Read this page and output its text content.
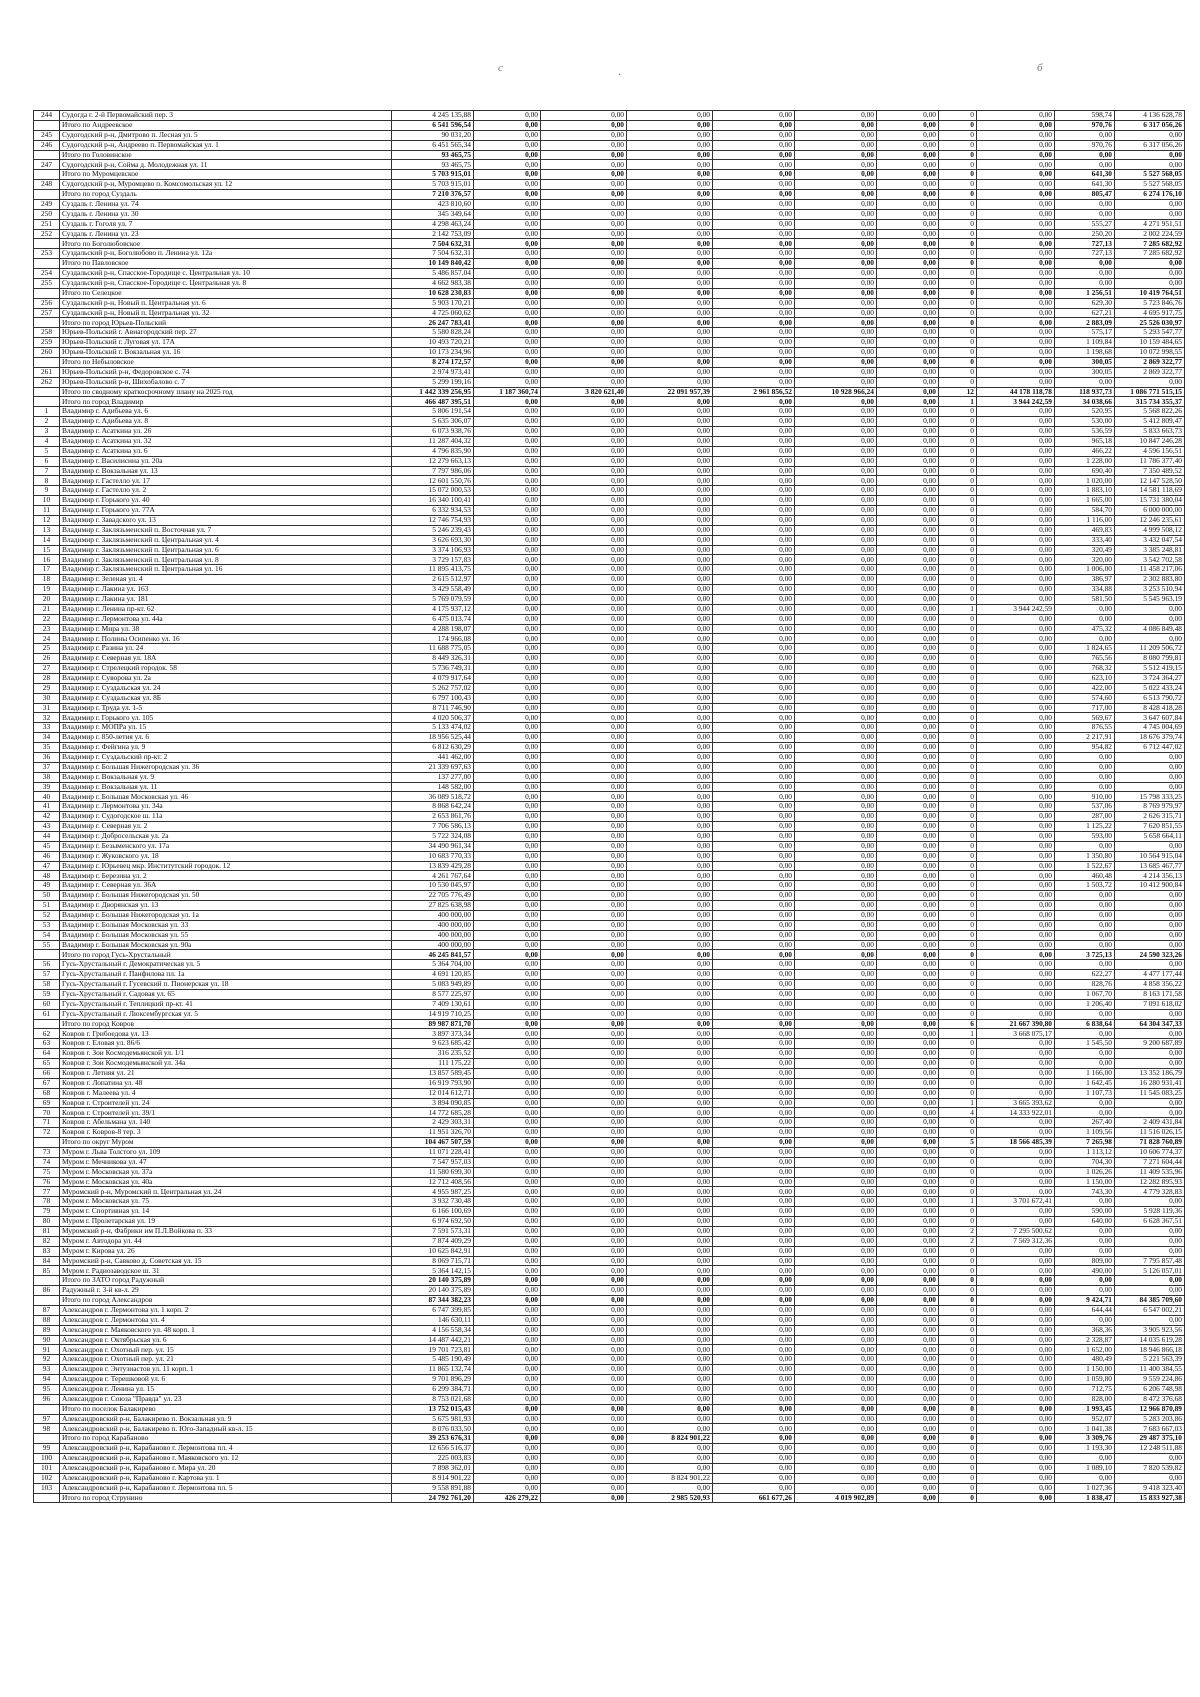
с
·
б
244	Судогда г. 2-й Первомайский пер. 3	4 245 135,88	0,00	0,00	0,00	0,00	0,00	0,00	0	0,00	598,74	4 136 628,78
	Итого по Андреевское	6 541 596,54	0,00	0,00	0,00	0,00	0,00	0,00	0	0,00	970,76	6 317 056,26
245	Судогодский р-н, Дмитрово п. Лесная ул. 5	90 031,20	0,00	0,00	0,00	0,00	0,00	0,00	0	0,00	0,00	0,00
246	Судогодский р-н, Андреево п. Первомайская ул. 1	6 451 565,34	0,00	0,00	0,00	0,00	0,00	0,00	0	0,00	970,76	6 317 056,26
	Итого по Головинское	93 465,75	0,00	0,00	0,00	0,00	0,00	0,00	0	0,00	0,00	0,00
247	Судогодский р-н, Сойма д. Молодежная ул. 11	93 465,75	0,00	0,00	0,00	0,00	0,00	0,00	0	0,00	0,00	0,00
	Итого по Муромцевское	5 703 915,01	0,00	0,00	0,00	0,00	0,00	0,00	0	0,00	641,30	5 527 568,05
248	Судогодский р-н, Муромцево п. Комсомольская ул. 12	5 703 915,01	0,00	0,00	0,00	0,00	0,00	0,00	0	0,00	641,30	5 527 568,05
	Итого по город Суздаль	7 210 376,57	0,00	0,00	0,00	0,00	0,00	0,00	0	0,00	805,47	6 274 176,10
249	Суздаль г. Ленина ул. 74	423 810,60	0,00	0,00	0,00	0,00	0,00	0,00	0	0,00	0,00	0,00
250	Суздаль г. Ленина ул. 30	345 349,64	0,00	0,00	0,00	0,00	0,00	0,00	0	0,00	0,00	0,00
251	Суздаль г. Гоголя ул. 7	4 298 463,24	0,00	0,00	0,00	0,00	0,00	0,00	0	0,00	555,27	4 271 951,51
252	Суздаль г. Ленина ул. 23	2 142 753,09	0,00	0,00	0,00	0,00	0,00	0,00	0	0,00	250,20	2 002 224,59
	Итого по Боголюбовское	7 504 632,31	0,00	0,00	0,00	0,00	0,00	0,00	0	0,00	727,13	7 285 682,92
253	Суздальский р-н, Боголюбово п. Ленина ул. 12а	7 504 632,31	0,00	0,00	0,00	0,00	0,00	0,00	0	0,00	727,13	7 285 682,92
	Итого по Павловское	10 149 840,42	0,00	0,00	0,00	0,00	0,00	0,00	0	0,00	0,00	0,00
254	Суздальский р-н, Спасское-Городище с. Центральная ул. 10	5 486 857,04	0,00	0,00	0,00	0,00	0,00	0,00	0	0,00	0,00	0,00
255	Суздальский р-н, Спасское-Городище с. Центральная ул. 8	4 662 983,38	0,00	0,00	0,00	0,00	0,00	0,00	0	0,00	0,00	0,00
	Итого по Селецкое	10 628 230,83	0,00	0,00	0,00	0,00	0,00	0,00	0	0,00	1 256,51	10 419 764,51
256	Суздальский р-н, Новый п. Центральная ул. 6	5 903 170,21	0,00	0,00	0,00	0,00	0,00	0,00	0	0,00	629,30	5 723 846,76
257	Суздальский р-н, Новый п. Центральная ул. 32	4 725 060,62	0,00	0,00	0,00	0,00	0,00	0,00	0	0,00	627,21	4 695 917,75
	Итого по город Юрьев-Польский	26 247 783,41	0,00	0,00	0,00	0,00	0,00	0,00	0	0,00	2 883,09	25 526 030,97
258	Юрьев-Польский г. Авиагородский пер. 27	5 580 828,24	0,00	0,00	0,00	0,00	0,00	0,00	0	0,00	575,17	5 293 547,77
259	Юрьев-Польский г. Луговая ул. 17А	10 493 720,21	0,00	0,00	0,00	0,00	0,00	0,00	0	0,00	1 109,84	10 159 484,65
260	Юрьев-Польский г. Вокзальная ул. 16	10 173 234,96	0,00	0,00	0,00	0,00	0,00	0,00	0	0,00	1 198,68	10 072 998,55
	Итого по Небыловское	8 274 172,57	0,00	0,00	0,00	0,00	0,00	0,00	0	0,00	300,05	2 869 322,77
261	Юрьев-Польский р-н, Федоровское с. 74	2 974 973,41	0,00	0,00	0,00	0,00	0,00	0,00	0	0,00	300,05	2 869 322,77
262	Юрьев-Польский р-н, Шихобалово с. 7	5 299 199,16	0,00	0,00	0,00	0,00	0,00	0,00	0	0,00	0,00	0,00
	Итого по сводному краткосрочному плану на 2025 год	1 442 339 256,95	1 187 360,74	3 820 621,40	22 091 957,39	2 961 856,52	10 928 966,24	0,00	12	44 178 118,78	118 937,73	1 086 771 515,15
	Итого по город Владимир	466 487 395,51	0,00	0,00	0,00	0,00	0,00	0,00	1	3 944 242,59	34 038,66	315 734 355,37
1	Владимир г. Адибьева ул. 6	5 806 191,54	0,00	0,00	0,00	0,00	0,00	0,00	0	0,00	520,95	5 568 822,26
2	Владимир г. Адибьева ул. 8	5 635 306,07	0,00	0,00	0,00	0,00	0,00	0,00	0	0,00	530,00	5 412 809,47
3	Владимир г. Асаткина ул. 26	6 073 938,76	0,00	0,00	0,00	0,00	0,00	0,00	0	0,00	536,59	5 833 663,73
4	Владимир г. Асаткина ул. 32	11 287 404,32	0,00	0,00	0,00	0,00	0,00	0,00	0	0,00	965,18	10 847 246,28
5	Владимир г. Асаткина ул. 6	4 796 835,90	0,00	0,00	0,00	0,00	0,00	0,00	0	0,00	466,22	4 596 156,51
6	Владимир г. Василисина ул. 20а	12 279 663,13	0,00	0,00	0,00	0,00	0,00	0,00	0	0,00	1 228,00	11 786 377,40
7	Владимир г. Вокзальная ул. 13	7 797 986,06	0,00	0,00	0,00	0,00	0,00	0,00	0	0,00	690,40	7 350 489,52
8	Владимир г. Гастелло ул. 17	12 601 550,76	0,00	0,00	0,00	0,00	0,00	0,00	0	0,00	1 020,00	12 147 528,50
9	Владимир г. Гастелло ул. 2	15 072 000,53	0,00	0,00	0,00	0,00	0,00	0,00	0	0,00	1 883,10	14 581 118,69
10	Владимир г. Горького ул. 40	16 340 100,41	0,00	0,00	0,00	0,00	0,00	0,00	0	0,00	1 665,00	15 731 380,04
11	Владимир г. Горького ул. 77А	6 332 934,53	0,00	0,00	0,00	0,00	0,00	0,00	0	0,00	584,70	6 000 000,00
12	Владимир г. Завадского ул. 13	12 746 754,93	0,00	0,00	0,00	0,00	0,00	0,00	0	0,00	1 116,00	12 246 235,61
13	Владимир г. Заклязьменский п. Восточная ул. 7	5 246 239,43	0,00	0,00	0,00	0,00	0,00	0,00	0	0,00	469,83	4 999 508,12
14	Владимир г. Заклязьменский п. Центральная ул. 4	3 626 693,30	0,00	0,00	0,00	0,00	0,00	0,00	0	0,00	333,40	3 432 047,54
15	Владимир г. Заклязьменский п. Центральная ул. 6	3 374 106,93	0,00	0,00	0,00	0,00	0,00	0,00	0	0,00	320,49	3 385 248,81
16	Владимир г. Заклязьменский п. Центральная ул. 8	3 729 157,83	0,00	0,00	0,00	0,00	0,00	0,00	0	0,00	320,00	3 542 702,58
17	Владимир г. Заклязьменский п. Центральная ул. 16	11 895 413,75	0,00	0,00	0,00	0,00	0,00	0,00	0	0,00	1 006,00	11 458 217,06
18	Владимир г. Зеленая ул. 4	2 615 512,97	0,00	0,00	0,00	0,00	0,00	0,00	0	0,00	386,97	2 302 883,80
19	Владимир г. Лакина ул. 163	3 429 558,49	0,00	0,00	0,00	0,00	0,00	0,00	0	0,00	334,88	3 253 510,94
20	Владимир г. Лакина ул. 181	5 769 079,59	0,00	0,00	0,00	0,00	0,00	0,00	0	0,00	581,50	5 545 963,19
21	Владимир г. Ленина пр-кт. 62	4 175 937,12	0,00	0,00	0,00	0,00	0,00	0,00	1	3 944 242,59	0,00	0,00
22	Владимир г. Лермонтова ул. 44а	6 475 013,74	0,00	0,00	0,00	0,00	0,00	0,00	0	0,00	0,00	0,00
23	Владимир г. Мира ул. 38	4 288 198,07	0,00	0,00	0,00	0,00	0,00	0,00	0	0,00	475,32	4 086 849,48
24	Владимир г. Полины Осипенко ул. 16	174 966,08	0,00	0,00	0,00	0,00	0,00	0,00	0	0,00	0,00	0,00
25	Владимир г. Разина ул. 24	11 688 775,05	0,00	0,00	0,00	0,00	0,00	0,00	0	0,00	1 824,65	11 209 506,72
26	Владимир г. Северная ул. 18А	8 449 326,31	0,00	0,00	0,00	0,00	0,00	0,00	0	0,00	765,56	8 080 799,81
27	Владимир г. Стрелецкий городок. 58	5 736 749,31	0,00	0,00	0,00	0,00	0,00	0,00	0	0,00	768,32	5 512 419,15
28	Владимир г. Суворова ул. 2а	4 079 917,64	0,00	0,00	0,00	0,00	0,00	0,00	0	0,00	623,10	3 724 364,27
29	Владимир г. Суздальская ул. 24	5 262 757,02	0,00	0,00	0,00	0,00	0,00	0,00	0	0,00	422,00	5 022 433,24
30	Владимир г. Суздальская ул. 8Б	6 797 100,43	0,00	0,00	0,00	0,00	0,00	0,00	0	0,00	574,60	6 513 790,72
31	Владимир г. Труда ул. 1-5	8 711 746,90	0,00	0,00	0,00	0,00	0,00	0,00	0	0,00	717,00	8 428 418,28
32	Владимир г. Горького ул. 105	4 020 506,37	0,00	0,00	0,00	0,00	0,00	0,00	0	0,00	569,67	3 647 607,84
33	Владимир г. МОПРа ул. 15	5 133 474,02	0,00	0,00	0,00	0,00	0,00	0,00	0	0,00	876,55	4 745 004,69
34	Владимир г. 850-летия ул. 6	18 956 525,44	0,00	0,00	0,00	0,00	0,00	0,00	0	0,00	2 217,91	18 676 379,74
35	Владимир г. Фейгина ул. 9	6 812 630,29	0,00	0,00	0,00	0,00	0,00	0,00	0	0,00	954,82	6 712 447,02
36	Владимир г. Суздальский пр-кт. 2	441 462,00	0,00	0,00	0,00	0,00	0,00	0,00	0	0,00	0,00	0,00
37	Владимир г. Большая Нижегородская ул. 36	21 339 697,63	0,00	0,00	0,00	0,00	0,00	0,00	0	0,00	0,00	0,00
38	Владимир г. Вокзальная ул. 9	137 277,00	0,00	0,00	0,00	0,00	0,00	0,00	0	0,00	0,00	0,00
39	Владимир г. Вокзальная ул. 11	148 582,00	0,00	0,00	0,00	0,00	0,00	0,00	0	0,00	0,00	0,00
40	Владимир г. Большая Московская ул. 46	36 089 518,72	0,00	0,00	0,00	0,00	0,00	0,00	0	0,00	910,00	15 798 333,25
41	Владимир г. Лермонтова ул. 34а	8 868 642,24	0,00	0,00	0,00	0,00	0,00	0,00	0	0,00	537,06	8 769 979,97
42	Владимир г. Судогодское ш. 11а	2 653 861,76	0,00	0,00	0,00	0,00	0,00	0,00	0	0,00	287,00	2 626 315,71
43	Владимир г. Северная ул. 2	7 706 586,13	0,00	0,00	0,00	0,00	0,00	0,00	0	0,00	1 125,22	7 620 851,55
44	Владимир г. Добросельская ул. 2а	5 722 324,08	0,00	0,00	0,00	0,00	0,00	0,00	0	0,00	593,00	5 658 664,11
45	Владимир г. Безыменского ул. 17а	34 490 961,34	0,00	0,00	0,00	0,00	0,00	0,00	0	0,00	0,00	0,00
46	Владимир г. Жуковского ул. 18	10 683 770,33	0,00	0,00	0,00	0,00	0,00	0,00	0	0,00	1 350,80	10 564 915,04
47	Владимир г. Юрьевец мкр. Институтский городок. 12	13 839 429,28	0,00	0,00	0,00	0,00	0,00	0,00	0	0,00	1 522,67	13 685 467,77
48	Владимир г. Березина ул. 2	4 261 767,64	0,00	0,00	0,00	0,00	0,00	0,00	0	0,00	460,48	4 214 356,13
49	Владимир г. Северная ул. 36А	10 530 045,97	0,00	0,00	0,00	0,00	0,00	0,00	0	0,00	1 503,72	10 412 900,84
50	Владимир г. Большая Нижегородская ул. 50	22 705 776,49	0,00	0,00	0,00	0,00	0,00	0,00	0	0,00	0,00	0,00
51	Владимир г. Дворянская ул. 13	27 825 638,98	0,00	0,00	0,00	0,00	0,00	0,00	0	0,00	0,00	0,00
52	Владимир г. Большая Нижегородская ул. 1а	400 000,00	0,00	0,00	0,00	0,00	0,00	0,00	0	0,00	0,00	0,00
53	Владимир г. Большая Московская ул. 33	400 000,00	0,00	0,00	0,00	0,00	0,00	0,00	0	0,00	0,00	0,00
54	Владимир г. Большая Московская ул. 55	400 000,00	0,00	0,00	0,00	0,00	0,00	0,00	0	0,00	0,00	0,00
55	Владимир г. Большая Московская ул. 90а	400 000,00	0,00	0,00	0,00	0,00	0,00	0,00	0	0,00	0,00	0,00
	Итого по город Гусь-Хрустальный	46 245 841,57	0,00	0,00	0,00	0,00	0,00	0,00	0	0,00	3 725,13	24 590 323,26
56	Гусь-Хрустальный г. Демократическая ул. 5	5 364 704,00	0,00	0,00	0,00	0,00	0,00	0,00	0	0,00	0,00	0,00
57	Гусь-Хрустальный г. Панфилова пл. 1а	4 691 120,85	0,00	0,00	0,00	0,00	0,00	0,00	0	0,00	622,27	4 477 177,44
58	Гусь-Хрустальный г. Гусевский п. Пионерская ул. 18	5 083 949,89	0,00	0,00	0,00	0,00	0,00	0,00	0	0,00	828,76	4 858 356,22
59	Гусь-Хрустальный г. Садовая ул. 65	8 577 225,97	0,00	0,00	0,00	0,00	0,00	0,00	0	0,00	1 067,70	8 163 171,58
60	Гусь-Хрустальный г. Теплицкий пр-кт. 41	7 409 130,61	0,00	0,00	0,00	0,00	0,00	0,00	0	0,00	1 206,40	7 091 618,02
61	Гусь-Хрустальный г. Люксембургская ул. 5	14 919 710,25	0,00	0,00	0,00	0,00	0,00	0,00	0	0,00	0,00	0,00
	Итого по город Ковров	89 987 871,70	0,00	0,00	0,00	0,00	0,00	0,00	6	21 667 390,80	6 838,64	64 304 347,33
62	Ковров г. Грибоедова ул. 13	3 897 373,34	0,00	0,00	0,00	0,00	0,00	0,00	1	3 668 075,17	0,00	0,00
63	Ковров г. Еловая ул. 86/6	9 623 685,42	0,00	0,00	0,00	0,00	0,00	0,00	0	0,00	1 545,50	9 200 687,89
64	Ковров г. Зои Космодемьянской ул. 1/1	316 235,52	0,00	0,00	0,00	0,00	0,00	0,00	0	0,00	0,00	0,00
65	Ковров г. Зои Космодемьянской ул. 34а	111 175,22	0,00	0,00	0,00	0,00	0,00	0,00	0	0,00	0,00	0,00
66	Ковров г. Летняя ул. 21	13 857 589,45	0,00	0,00	0,00	0,00	0,00	0,00	0	0,00	1 166,00	13 352 186,79
67	Ковров г. Лопатина ул. 48	16 919 793,90	0,00	0,00	0,00	0,00	0,00	0,00	0	0,00	1 642,45	16 280 931,41
68	Ковров г. Малеева ул. 4	12 014 612,71	0,00	0,00	0,00	0,00	0,00	0,00	0	0,00	1 107,73	11 545 083,25
69	Ковров г. Строителей ул. 24	3 894 090,85	0,00	0,00	0,00	0,00	0,00	0,00	1	3 665 393,62	0,00	0,00
70	Ковров г. Строителей ул. 39/1	14 772 685,28	0,00	0,00	0,00	0,00	0,00	0,00	4	14 333 922,01	0,00	0,00
71	Ковров г. Абельмана ул. 140	2 429 303,31	0,00	0,00	0,00	0,00	0,00	0,00	0	0,00	267,40	2 409 431,84
72	Ковров г. Ковров-8 тер. 3	11 951 326,70	0,00	0,00	0,00	0,00	0,00	0,00	0	0,00	1 109,56	11 516 026,15
	Итого по округ Муром	104 467 507,59	0,00	0,00	0,00	0,00	0,00	0,00	5	18 566 485,39	7 265,98	71 828 760,89
73	Муром г. Льва Толстого ул. 109	11 071 228,41	0,00	0,00	0,00	0,00	0,00	0,00	0	0,00	1 113,12	10 606 774,37
74	Муром г. Мечникова ул. 47	7 547 957,03	0,00	0,00	0,00	0,00	0,00	0,00	0	0,00	704,30	7 271 604,44
75	Муром г. Московская ул. 37а	11 580 699,30	0,00	0,00	0,00	0,00	0,00	0,00	0	0,00	1 026,26	11 409 535,96
76	Муром г. Московская ул. 40а	12 712 408,56	0,00	0,00	0,00	0,00	0,00	0,00	0	0,00	1 150,00	12 282 895,93
77	Муромский р-н, Муромский п. Центральная ул. 24	4 955 987,25	0,00	0,00	0,00	0,00	0,00	0,00	0	0,00	743,30	4 779 328,83
78	Муром г. Московская ул. 75	3 932 730,48	0,00	0,00	0,00	0,00	0,00	0,00	1	3 701 672,41	0,00	0,00
79	Муром г. Спортивная ул. 14	6 166 100,69	0,00	0,00	0,00	0,00	0,00	0,00	0	0,00	590,00	5 928 119,36
80	Муром г. Пролетарская ул. 19	6 974 692,50	0,00	0,00	0,00	0,00	0,00	0,00	0	0,00	640,00	6 628 367,51
81	Муромский р-н, Фабрики им П.Л.Войкова п. 33	7 591 573,31	0,00	0,00	0,00	0,00	0,00	0,00	2	7 295 500,62	0,00	0,00
82	Муром г. Автодора ул. 44	7 874 409,29	0,00	0,00	0,00	0,00	0,00	0,00	2	7 569 312,36	0,00	0,00
83	Муром г. Кирова ул. 26	10 625 842,91	0,00	0,00	0,00	0,00	0,00	0,00	0	0,00	0,00	0,00
84	Муромский р-н, Савково д. Советская ул. 15	8 069 715,71	0,00	0,00	0,00	0,00	0,00	0,00	0	0,00	809,00	7 795 857,48
85	Муром г. Радиозаводское ш. 31	5 364 142,15	0,00	0,00	0,00	0,00	0,00	0,00	0	0,00	490,00	5 126 057,01
	Итого по ЗАТО город Радужный	20 140 375,89	0,00	0,00	0,00	0,00	0,00	0,00	0	0,00	0,00	0,00
86	Радужный г. 3-й кв-л. 29	20 140 375,89	0,00	0,00	0,00	0,00	0,00	0,00	0	0,00	0,00	0,00
	Итого по город Александров	87 344 382,23	0,00	0,00	0,00	0,00	0,00	0,00	0	0,00	9 424,71	84 385 709,60
87	Александров г. Лермонтова ул. 1 корп. 2	6 747 399,85	0,00	0,00	0,00	0,00	0,00	0,00	0	0,00	644,44	6 547 002,21
88	Александров г. Лермонтова ул. 4	146 630,11	0,00	0,00	0,00	0,00	0,00	0,00	0	0,00	0,00	0,00
89	Александров г. Маяковского ул. 48 корп. 1	4 156 558,34	0,00	0,00	0,00	0,00	0,00	0,00	0	0,00	368,36	3 905 923,56
90	Александров г. Октябрьская ул. 6	14 487 442,21	0,00	0,00	0,00	0,00	0,00	0,00	0	0,00	2 328,87	14 035 619,28
91	Александров г. Охотный пер. ул. 15	19 701 723,81	0,00	0,00	0,00	0,00	0,00	0,00	0	0,00	1 652,00	18 946 866,18
92	Александров г. Охотный пер. ул. 21	5 485 190,49	0,00	0,00	0,00	0,00	0,00	0,00	0	0,00	480,49	5 221 563,39
93	Александров г. Энтузиастов ул. 11 корп. 1	11 865 132,74	0,00	0,00	0,00	0,00	0,00	0,00	0	0,00	1 150,00	11 400 384,55
94	Александров г. Терешковой ул. 6	9 701 896,29	0,00	0,00	0,00	0,00	0,00	0,00	0	0,00	1 059,80	9 559 224,86
95	Александров г. Ленина ул. 15	6 299 384,71	0,00	0,00	0,00	0,00	0,00	0,00	0	0,00	712,75	6 206 748,98
96	Александров г. Союза "Правда" ул. 23	8 753 021,68	0,00	0,00	0,00	0,00	0,00	0,00	0	0,00	828,00	8 472 376,68
	Итого по поселок Балакирево	13 752 015,43	0,00	0,00	0,00	0,00	0,00	0,00	0	0,00	1 993,45	12 966 870,89
97	Александровский р-н, Балакирево п. Вокзальная ул. 9	5 675 981,93	0,00	0,00	0,00	0,00	0,00	0,00	0	0,00	952,07	5 283 203,86
98	Александровский р-н, Балакирево п. Юго-Западный кв-л. 15	8 076 033,50	0,00	0,00	0,00	0,00	0,00	0,00	0	0,00	1 041,38	7 683 667,03
	Итого по город Карабаново	39 253 676,31	0,00	0,00	8 824 901,22	0,00	0,00	0,00	0	0,00	3 309,76	29 487 375,10
99	Александровский р-н, Карабаново г. Лермонтова пл. 4	12 656 516,37	0,00	0,00	0,00	0,00	0,00	0,00	0	0,00	1 193,30	12 248 511,88
100	Александровский р-н, Карабаново г. Маяковского ул. 12	225 003,83	0,00	0,00	0,00	0,00	0,00	0,00	0	0,00	0,00	0,00
101	Александровский р-н, Карабаново г. Мира ул. 20	7 898 362,01	0,00	0,00	0,00	0,00	0,00	0,00	0	0,00	1 089,10	7 820 539,82
102	Александровский р-н, Карабаново г. Картова ул. 1	8 914 901,22	0,00	0,00	8 824 901,22	0,00	0,00	0,00	0	0,00	0,00	0,00
103	Александровский р-н, Карабаново г. Лермонтова пл. 5	9 558 891,88	0,00	0,00	0,00	0,00	0,00	0,00	0	0,00	1 027,36	9 418 323,40
	Итого по город Струнино	24 792 761,20	426 279,22	0,00	2 985 520,93	661 677,26	4 019 902,89	0,00	0	0,00	1 838,47	15 833 927,38
